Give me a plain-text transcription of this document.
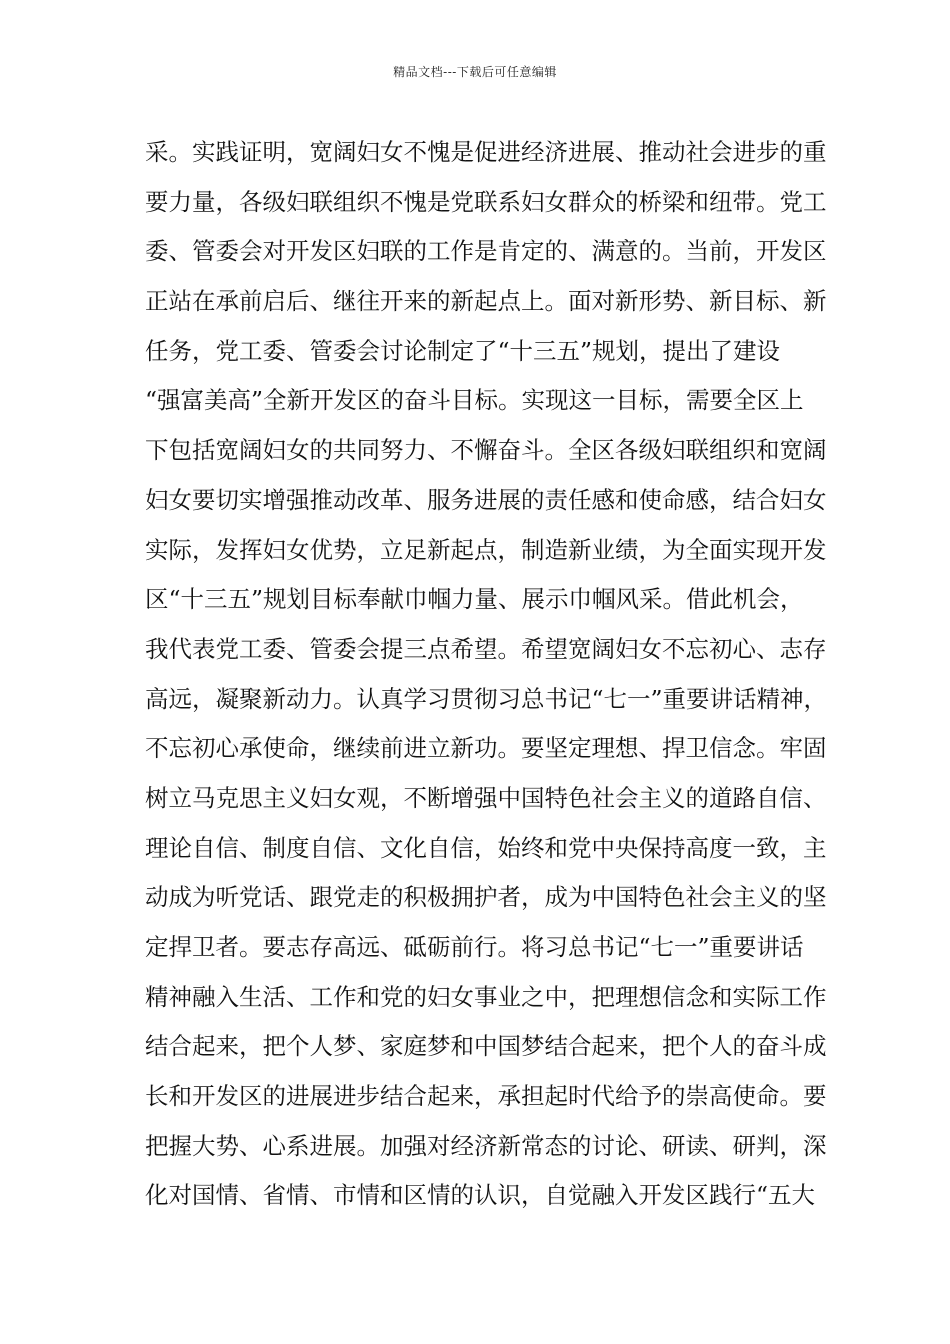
精品文档---下载后可任意编辑
采。实践证明，宽阔妇女不愧是促进经济进展、推动社会进步的重
要力量，各级妇联组织不愧是党联系妇女群众的桥梁和纽带。党工
委、管委会对开发区妇联的工作是肯定的、满意的。当前，开发区
正站在承前启后、继往开来的新起点上。面对新形势、新目标、新
任务，党工委、管委会讨论制定了“十三五”规划，提出了建设
“强富美高”全新开发区的奋斗目标。实现这一目标，需要全区上
下包括宽阔妇女的共同努力、不懈奋斗。全区各级妇联组织和宽阔
妇女要切实增强推动改革、服务进展的责任感和使命感，结合妇女
实际，发挥妇女优势，立足新起点，制造新业绩，为全面实现开发
区“十三五”规划目标奉献巾帼力量、展示巾帼风采。借此机会，
我代表党工委、管委会提三点希望。希望宽阔妇女不忘初心、志存
高远，凝聚新动力。认真学习贯彻习总书记“七一”重要讲话精神，
不忘初心承使命，继续前进立新功。要坚定理想、捍卫信念。牢固
树立马克思主义妇女观，不断增强中国特色社会主义的道路自信、
理论自信、制度自信、文化自信，始终和党中央保持高度一致，主
动成为听党话、跟党走的积极拥护者，成为中国特色社会主义的坚
定捍卫者。要志存高远、砥砺前行。将习总书记“七一”重要讲话
精神融入生活、工作和党的妇女事业之中，把理想信念和实际工作
结合起来，把个人梦、家庭梦和中国梦结合起来，把个人的奋斗成
长和开发区的进展进步结合起来，承担起时代给予的崇高使命。要
把握大势、心系进展。加强对经济新常态的讨论、研读、研判，深
化对国情、省情、市情和区情的认识，自觉融入开发区践行“五大
